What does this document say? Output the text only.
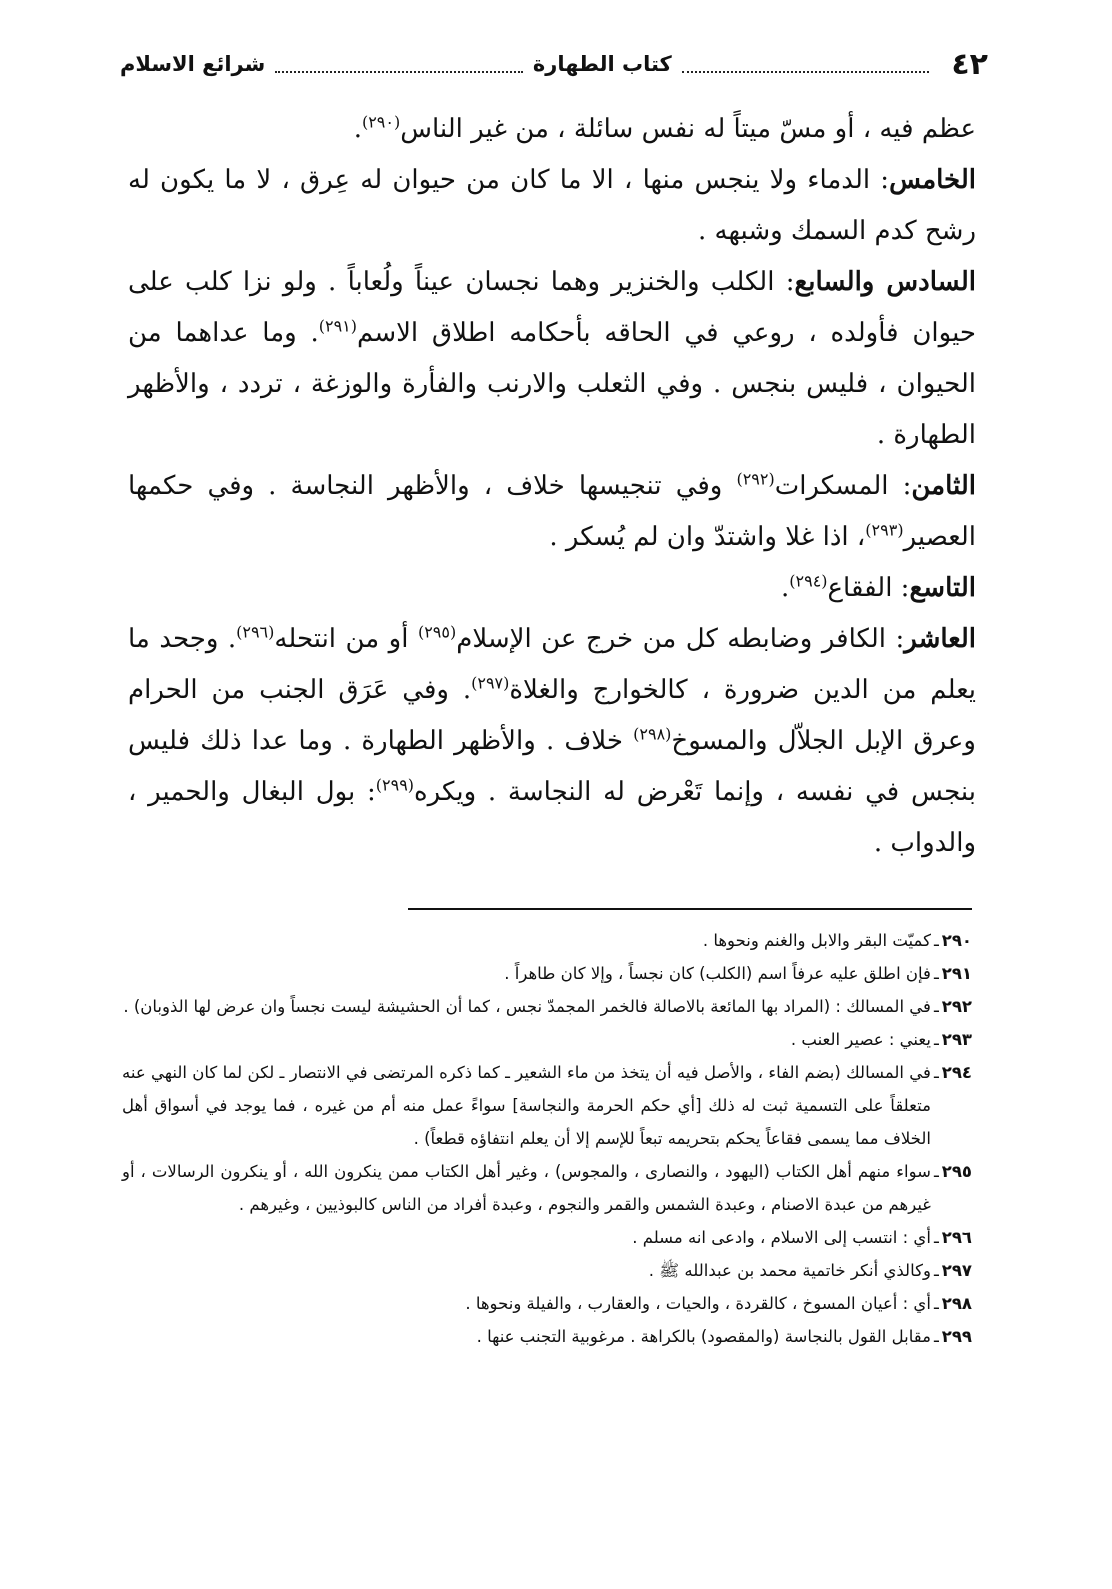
٤٢
كتاب الطهارة
شرائع الاسلام

عظم فيه ، أو مسّ ميتاً له نفس سائلة ، من غير الناس$^{(٢٩٠)}$.

الخامس: الدماء ولا ينجس منها ، الا ما كان من حيوان له عِرق ، لا ما يكون له رشح كدم السمك وشبهه .

السادس والسابع: الكلب والخنزير وهما نجسان عيناً ولُعاباً . ولو نزا كلب على حيوان فأولده ، روعي في الحاقه بأحكامه اطلاق الاسم$^{(٢٩١)}$. وما عداهما من الحيوان ، فليس بنجس . وفي الثعلب والارنب والفأرة والوزغة ، تردد ، والأظهر الطهارة .

الثامن: المسكرات$^{(٢٩٢)}$ وفي تنجيسها خلاف ، والأظهر النجاسة . وفي حكمها العصير$^{(٢٩٣)}$، اذا غلا واشتدّ وان لم يُسكر .

التاسع: الفقاع$^{(٢٩٤)}$.

العاشر: الكافر وضابطه كل من خرج عن الإسلام$^{(٢٩٥)}$ أو من انتحله$^{(٢٩٦)}$. وجحد ما يعلم من الدين ضرورة ، كالخوارج والغلاة$^{(٢٩٧)}$. وفي عَرَق الجنب من الحرام وعرق الإبل الجلاّل والمسوخ$^{(٢٩٨)}$ خلاف . والأظهر الطهارة . وما عدا ذلك فليس بنجس في نفسه ، وإنما تَعْرض له النجاسة . ويكره$^{(٢٩٩)}$: بول البغال والحمير ، والدواب .

٢٩٠
ـ
كميّت البقر والابل والغنم ونحوها .
٢٩١
ـ
فإن اطلق عليه عرفاً اسم (الكلب) كان نجساً ، وإلا كان طاهراً .
٢٩٢
ـ
في المسالك : (المراد بها المائعة بالاصالة فالخمر المجمدّ نجس ، كما أن الحشيشة ليست نجساً وان عرض لها الذوبان) .
٢٩٣
ـ
يعني : عصير العنب .
٢٩٤
ـ
في المسالك (بضم الفاء ، والأصل فيه أن يتخذ من ماء الشعير ـ كما ذكره المرتضى في الانتصار ـ لكن لما كان النهي عنه متعلقاً على التسمية ثبت له ذلك [أي حكم الحرمة والنجاسة] سواءً عمل منه أم من غيره ، فما يوجد في أسواق أهل الخلاف مما يسمى فقاعاً يحكم بتحريمه تبعاً للإسم إلا أن يعلم انتفاؤه قطعاً) .
٢٩٥
ـ
سواء منهم أهل الكتاب (اليهود ، والنصارى ، والمجوس) ، وغير أهل الكتاب ممن ينكرون الله ، أو ينكرون الرسالات ، أو غيرهم من عبدة الاصنام ، وعبدة الشمس والقمر والنجوم ، وعبدة أفراد من الناس كالبوذيين ، وغيرهم .
٢٩٦
ـ
أي : انتسب إلى الاسلام ، وادعى انه مسلم .
٢٩٧
ـ
وكالذي أنكر خاتمية محمد بن عبدالله ﷺ .
٢٩٨
ـ
أي : أعيان المسوخ ، كالقردة ، والحيات ، والعقارب ، والفيلة ونحوها .
٢٩٩
ـ
مقابل القول بالنجاسة (والمقصود) بالكراهة . مرغوبية التجنب عنها .
